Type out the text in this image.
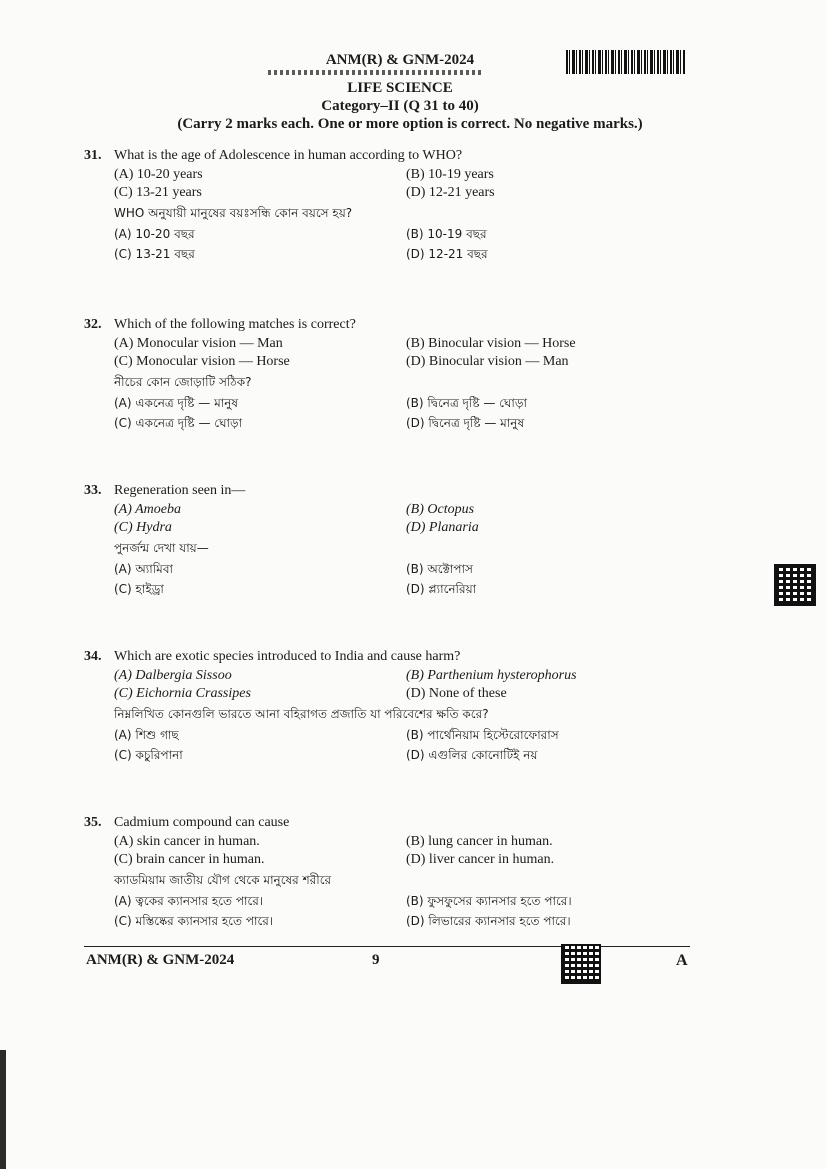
ANM(R) & GNM-2024
LIFE SCIENCE
Category–II (Q 31 to 40)
(Carry 2 marks each. One or more option is correct. No negative marks.)
31. What is the age of Adolescence in human according to WHO?
(A) 10-20 years	(B) 10-19 years
(C) 13-21 years	(D) 12-21 years
WHO অনুযায়ী মানুষের বয়ঃসন্ধি কোন বয়সে হয়?
(A) 10-20 বছর	(B) 10-19 বছর
(C) 13-21 বছর	(D) 12-21 বছর
32. Which of the following matches is correct?
(A) Monocular vision — Man	(B) Binocular vision — Horse
(C) Monocular vision — Horse	(D) Binocular vision — Man
নীচের কোন জোড়াটি সঠিক?
(A) একনেত্র দৃষ্টি — মানুষ	(B) দ্বিনেত্র দৃষ্টি — ঘোড়া
(C) একনেত্র দৃষ্টি — ঘোড়া	(D) দ্বিনেত্র দৃষ্টি — মানুষ
33. Regeneration seen in—
(A) Amoeba	(B) Octopus
(C) Hydra	(D) Planaria
পুনর্জন্ম দেখা যায়—
(A) অ্যামিবা	(B) অক্টোপাস
(C) হাইড্রা	(D) প্ল্যানেরিয়া
34. Which are exotic species introduced to India and cause harm?
(A) Dalbergia Sissoo	(B) Parthenium hysterophorus
(C) Eichornia Crassipes	(D) None of these
নিম্নলিখিত কোনগুলি ভারতে আনা বহিরাগত প্রজাতি যা পরিবেশের ক্ষতি করে?
(A) শিশু গাছ	(B) পার্থেনিয়াম হিস্টেরোফোরাস
(C) কচুরিপানা	(D) এগুলির কোনোটিই নয়
35. Cadmium compound can cause
(A) skin cancer in human.	(B) lung cancer in human.
(C) brain cancer in human.	(D) liver cancer in human.
ক্যাডমিয়াম জাতীয় যৌগ থেকে মানুষের শরীরে
(A) ত্বকের ক্যানসার হতে পারে।	(B) ফুসফুসের ক্যানসার হতে পারে।
(C) মস্তিষ্কের ক্যানসার হতে পারে।	(D) লিভারের ক্যানসার হতে পারে।
ANM(R) & GNM-2024	9	A
